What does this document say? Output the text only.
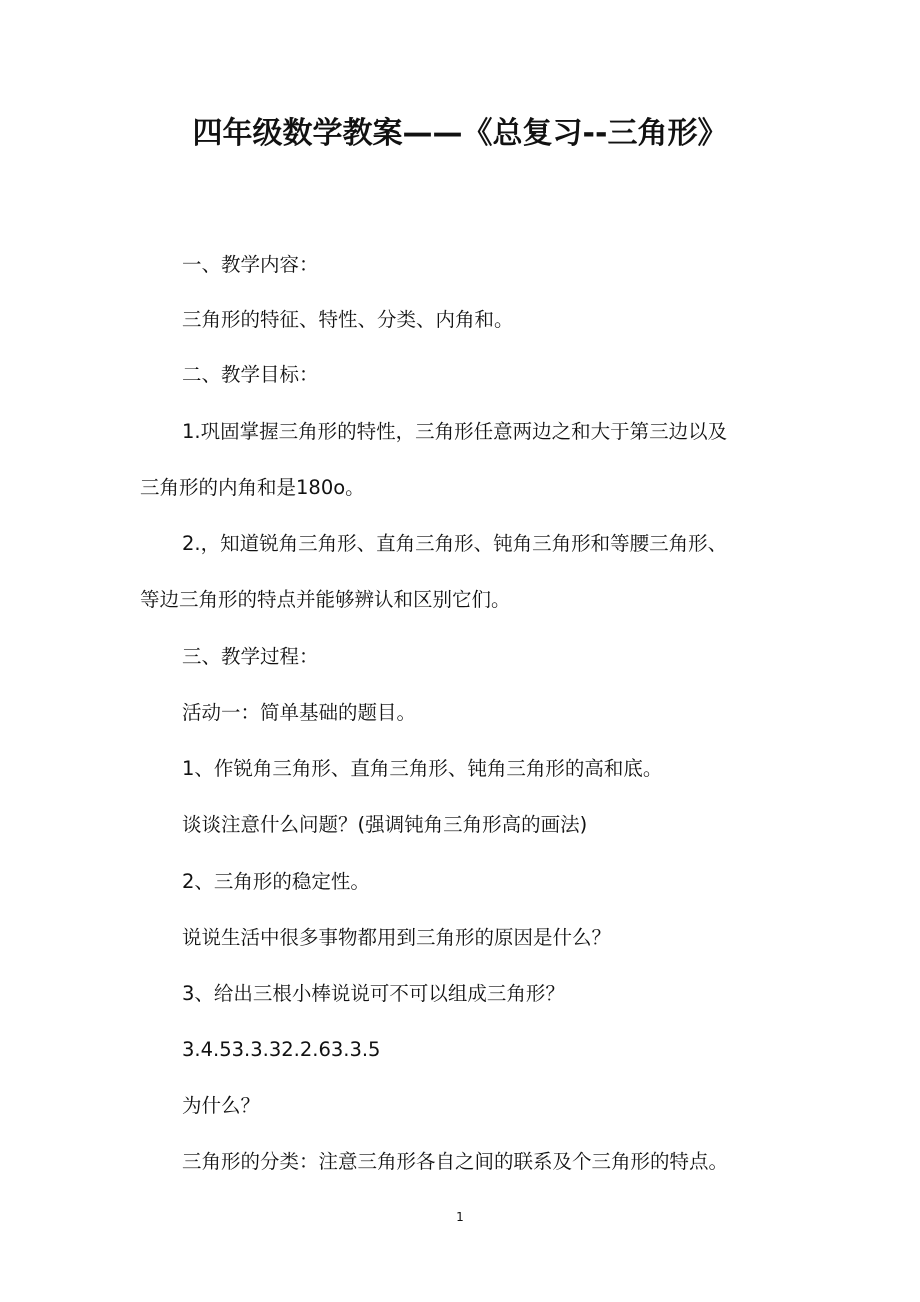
四年级数学教案——《总复习--三角形》
一、教学内容：
三角形的特征、特性、分类、内角和。
二、教学目标：
1.巩固掌握三角形的特性，三角形任意两边之和大于第三边以及
三角形的内角和是180o。
2.，知道锐角三角形、直角三角形、钝角三角形和等腰三角形、
等边三角形的特点并能够辨认和区别它们。
三、教学过程：
活动一：简单基础的题目。
1、作锐角三角形、直角三角形、钝角三角形的高和底。
谈谈注意什么问题？(强调钝角三角形高的画法)
2、三角形的稳定性。
说说生活中很多事物都用到三角形的原因是什么？
3、给出三根小棒说说可不可以组成三角形？
3.4.53.3.32.2.63.3.5
为什么？
三角形的分类：注意三角形各自之间的联系及个三角形的特点。
1
